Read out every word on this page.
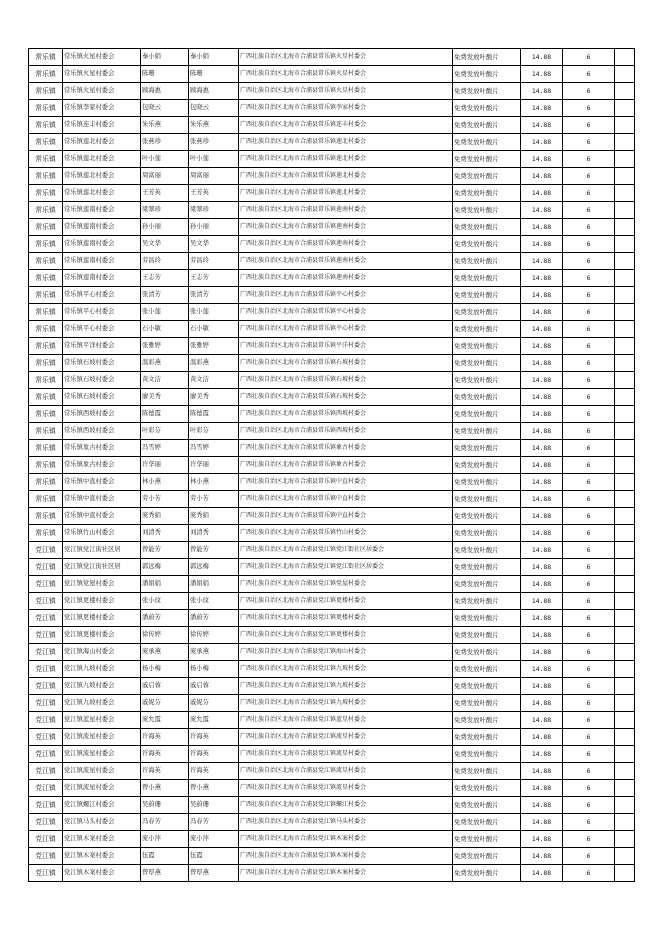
常乐镇	常乐镇火星村委会	秦小娟	秦小娟	广西壮族自治区北海市合浦县常乐镇火星村委会	免费发放叶酸片	14.88	6	
常乐镇	常乐镇火星村委会	陈珊	陈珊	广西壮族自治区北海市合浦县常乐镇火星村委会	免费发放叶酸片	14.88	6	
常乐镇	常乐镇火星村委会	顾海惠	顾海惠	广西壮族自治区北海市合浦县常乐镇火星村委会	免费发放叶酸片	14.88	6	
常乐镇	常乐镇李家村委会	包晓云	包晓云	广西壮族自治区北海市合浦县常乐镇李家村委会	免费发放叶酸片	14.88	6	
常乐镇	常乐镇连丰村委会	朱乐燕	朱乐燕	广西壮族自治区北海市合浦县常乐镇连丰村委会	免费发放叶酸片	14.88	6	
常乐镇	常乐镇莲北村委会	张燕珍	张燕珍	广西壮族自治区北海市合浦县常乐镇莲北村委会	免费发放叶酸片	14.88	6	
常乐镇	常乐镇莲北村委会	叶小莲	叶小莲	广西壮族自治区北海市合浦县常乐镇莲北村委会	免费发放叶酸片	14.88	6	
常乐镇	常乐镇莲北村委会	周富丽	周富丽	广西壮族自治区北海市合浦县常乐镇莲北村委会	免费发放叶酸片	14.88	6	
常乐镇	常乐镇莲北村委会	王芳英	王芳英	广西壮族自治区北海市合浦县常乐镇莲北村委会	免费发放叶酸片	14.88	6	
常乐镇	常乐镇莲南村委会	梁翠珍	梁翠珍	广西壮族自治区北海市合浦县常乐镇莲南村委会	免费发放叶酸片	14.88	6	
常乐镇	常乐镇莲南村委会	孙小丽	孙小丽	广西壮族自治区北海市合浦县常乐镇莲南村委会	免费发放叶酸片	14.88	6	
常乐镇	常乐镇莲南村委会	吴文华	吴文华	广西壮族自治区北海市合浦县常乐镇莲南村委会	免费发放叶酸片	14.88	6	
常乐镇	常乐镇莲南村委会	劳昌玲	劳昌玲	广西壮族自治区北海市合浦县常乐镇莲南村委会	免费发放叶酸片	14.88	6	
常乐镇	常乐镇莲南村委会	王志芳	王志芳	广西壮族自治区北海市合浦县常乐镇莲南村委会	免费发放叶酸片	14.88	6	
常乐镇	常乐镇平心村委会	张清芳	张清芳	广西壮族自治区北海市合浦县常乐镇平心村委会	免费发放叶酸片	14.88	6	
常乐镇	常乐镇平心村委会	张小莲	张小莲	广西壮族自治区北海市合浦县常乐镇平心村委会	免费发放叶酸片	14.88	6	
常乐镇	常乐镇平心村委会	石小敏	石小敏	广西壮族自治区北海市合浦县常乐镇平心村委会	免费发放叶酸片	14.88	6	
常乐镇	常乐镇平洋村委会	张雅婷	张雅婷	广西壮族自治区北海市合浦县常乐镇平洋村委会	免费发放叶酸片	14.88	6	
常乐镇	常乐镇石坡村委会	温彩燕	温彩燕	广西壮族自治区北海市合浦县常乐镇石坡村委会	免费发放叶酸片	14.88	6	
常乐镇	常乐镇石坡村委会	黄文洁	黄文洁	广西壮族自治区北海市合浦县常乐镇石坡村委会	免费发放叶酸片	14.88	6	
常乐镇	常乐镇石坡村委会	廖美秀	廖美秀	广西壮族自治区北海市合浦县常乐镇石坡村委会	免费发放叶酸片	14.88	6	
常乐镇	常乐镇西坡村委会	陈德霞	陈德霞	广西壮族自治区北海市合浦县常乐镇西坡村委会	免费发放叶酸片	14.88	6	
常乐镇	常乐镇西坡村委会	叶彩芬	叶彩芬	广西壮族自治区北海市合浦县常乐镇西坡村委会	免费发放叶酸片	14.88	6	
常乐镇	常乐镇象古村委会	冯雪婷	冯雪婷	广西壮族自治区北海市合浦县常乐镇象古村委会	免费发放叶酸片	14.88	6	
常乐镇	常乐镇象古村委会	许华丽	许华丽	广西壮族自治区北海市合浦县常乐镇象古村委会	免费发放叶酸片	14.88	6	
常乐镇	常乐镇中直村委会	林小燕	林小燕	广西壮族自治区北海市合浦县常乐镇中直村委会	免费发放叶酸片	14.88	6	
常乐镇	常乐镇中直村委会	劳小芳	劳小芳	广西壮族自治区北海市合浦县常乐镇中直村委会	免费发放叶酸片	14.88	6	
常乐镇	常乐镇中直村委会	庞秀娟	庞秀娟	广西壮族自治区北海市合浦县常乐镇中直村委会	免费发放叶酸片	14.88	6	
常乐镇	常乐镇竹山村委会	刘清秀	刘清秀	广西壮族自治区北海市合浦县常乐镇竹山村委会	免费发放叶酸片	14.88	6	
党江镇	党江镇党江街社区居	曾能芳	曾能芳	广西壮族自治区北海市合浦县党江镇党江街社区居委会	免费发放叶酸片	14.88	6	
党江镇	党江镇党江街社区居	郭远梅	郭远梅	广西壮族自治区北海市合浦县党江镇党江街社区居委会	免费发放叶酸片	14.88	6	
党江镇	党江镇党屋村委会	潘娟娟	潘娟娟	广西壮族自治区北海市合浦县党江镇党屋村委会	免费发放叶酸片	14.88	6	
党江镇	党江镇更楼村委会	张小玟	张小玟	广西壮族自治区北海市合浦县党江镇更楼村委会	免费发放叶酸片	14.88	6	
党江镇	党江镇更楼村委会	潘蔚芳	潘蔚芳	广西壮族自治区北海市合浦县党江镇更楼村委会	免费发放叶酸片	14.88	6	
党江镇	党江镇更楼村委会	徐传婷	徐传婷	广西壮族自治区北海市合浦县党江镇更楼村委会	免费发放叶酸片	14.88	6	
党江镇	党江镇海山村委会	庞承燕	庞承燕	广西壮族自治区北海市合浦县党江镇海山村委会	免费发放叶酸片	14.88	6	
党江镇	党江镇九坡村委会	杨小梅	杨小梅	广西壮族自治区北海市合浦县党江镇九坡村委会	免费发放叶酸片	14.88	6	
党江镇	党江镇九坡村委会	戚启蓉	戚启蓉	广西壮族自治区北海市合浦县党江镇九坡村委会	免费发放叶酸片	14.88	6	
党江镇	党江镇九坡村委会	戚妮芬	戚妮芬	广西壮族自治区北海市合浦县党江镇九坡村委会	免费发放叶酸片	14.88	6	
党江镇	党江镇蓝星村委会	庞允霞	庞允霞	广西壮族自治区北海市合浦县党江镇蓝星村委会	免费发放叶酸片	14.88	6	
党江镇	党江镇流星村委会	许海英	许海英	广西壮族自治区北海市合浦县党江镇流星村委会	免费发放叶酸片	14.88	6	
党江镇	党江镇流星村委会	许海英	许海英	广西壮族自治区北海市合浦县党江镇流星村委会	免费发放叶酸片	14.88	6	
党江镇	党江镇流星村委会	许海英	许海英	广西壮族自治区北海市合浦县党江镇流星村委会	免费发放叶酸片	14.88	6	
党江镇	党江镇流星村委会	曾小燕	曾小燕	广西壮族自治区北海市合浦县党江镇流星村委会	免费发放叶酸片	14.88	6	
党江镇	党江镇螺江村委会	吴蔚珊	吴蔚珊	广西壮族自治区北海市合浦县党江镇螺江村委会	免费发放叶酸片	14.88	6	
党江镇	党江镇马头村委会	冯春芳	冯春芳	广西壮族自治区北海市合浦县党江镇马头村委会	免费发放叶酸片	14.88	6	
党江镇	党江镇木案村委会	庞小萍	庞小萍	广西壮族自治区北海市合浦县党江镇木案村委会	免费发放叶酸片	14.88	6	
党江镇	党江镇木案村委会	伍霞	伍霞	广西壮族自治区北海市合浦县党江镇木案村委会	免费发放叶酸片	14.88	6	
党江镇	党江镇木案村委会	曾厚燕	曾厚燕	广西壮族自治区北海市合浦县党江镇木案村委会	免费发放叶酸片	14.88	6	
